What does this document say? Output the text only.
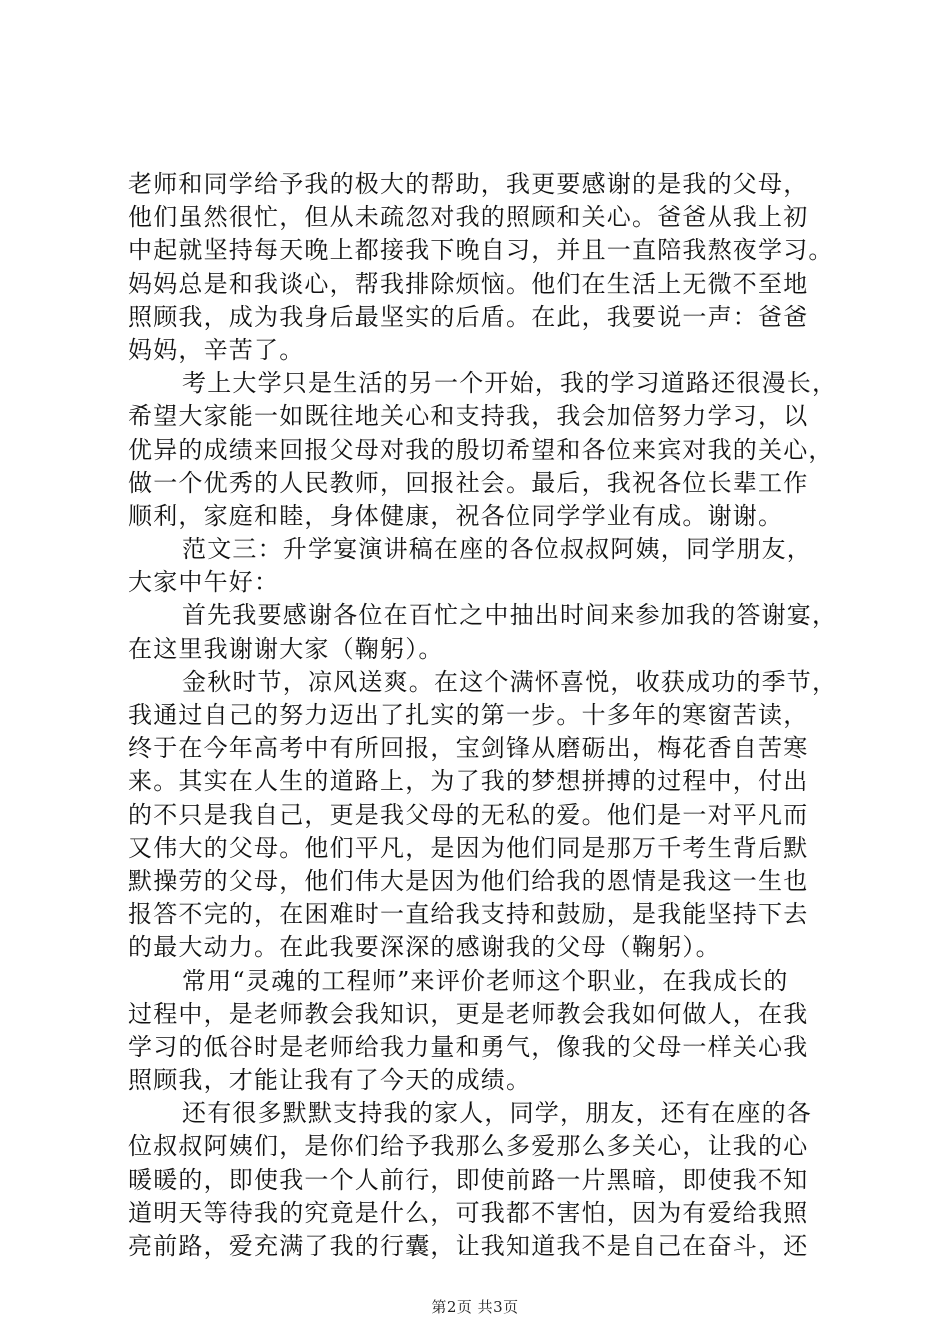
老师和同学给予我的极大的帮助，我更要感谢的是我的父母，
他们虽然很忙，但从未疏忽对我的照顾和关心。爸爸从我上初
中起就坚持每天晚上都接我下晚自习，并且一直陪我熬夜学习。
妈妈总是和我谈心，帮我排除烦恼。他们在生活上无微不至地
照顾我，成为我身后最坚实的后盾。在此，我要说一声：爸爸
妈妈，辛苦了。
考上大学只是生活的另一个开始，我的学习道路还很漫长，
希望大家能一如既往地关心和支持我，我会加倍努力学习，以
优异的成绩来回报父母对我的殷切希望和各位来宾对我的关心，
做一个优秀的人民教师，回报社会。最后，我祝各位长辈工作
顺利，家庭和睦，身体健康，祝各位同学学业有成。谢谢。
范文三：升学宴演讲稿在座的各位叔叔阿姨，同学朋友，
大家中午好：
首先我要感谢各位在百忙之中抽出时间来参加我的答谢宴，
在这里我谢谢大家（鞠躬）。
金秋时节，凉风送爽。在这个满怀喜悦，收获成功的季节，
我通过自己的努力迈出了扎实的第一步。十多年的寒窗苦读，
终于在今年高考中有所回报，宝剑锋从磨砺出，梅花香自苦寒
来。其实在人生的道路上，为了我的梦想拼搏的过程中，付出
的不只是我自己，更是我父母的无私的爱。他们是一对平凡而
又伟大的父母。他们平凡，是因为他们同是那万千考生背后默
默操劳的父母，他们伟大是因为他们给我的恩情是我这一生也
报答不完的，在困难时一直给我支持和鼓励，是我能坚持下去
的最大动力。在此我要深深的感谢我的父母（鞠躬）。
常用“灵魂的工程师”来评价老师这个职业，在我成长的
过程中，是老师教会我知识，更是老师教会我如何做人，在我
学习的低谷时是老师给我力量和勇气，像我的父母一样关心我
照顾我，才能让我有了今天的成绩。
还有很多默默支持我的家人，同学，朋友，还有在座的各
位叔叔阿姨们，是你们给予我那么多爱那么多关心，让我的心
暖暖的，即使我一个人前行，即使前路一片黑暗，即使我不知
道明天等待我的究竟是什么，可我都不害怕，因为有爱给我照
亮前路，爱充满了我的行囊，让我知道我不是自己在奋斗，还
第2页 共3页
